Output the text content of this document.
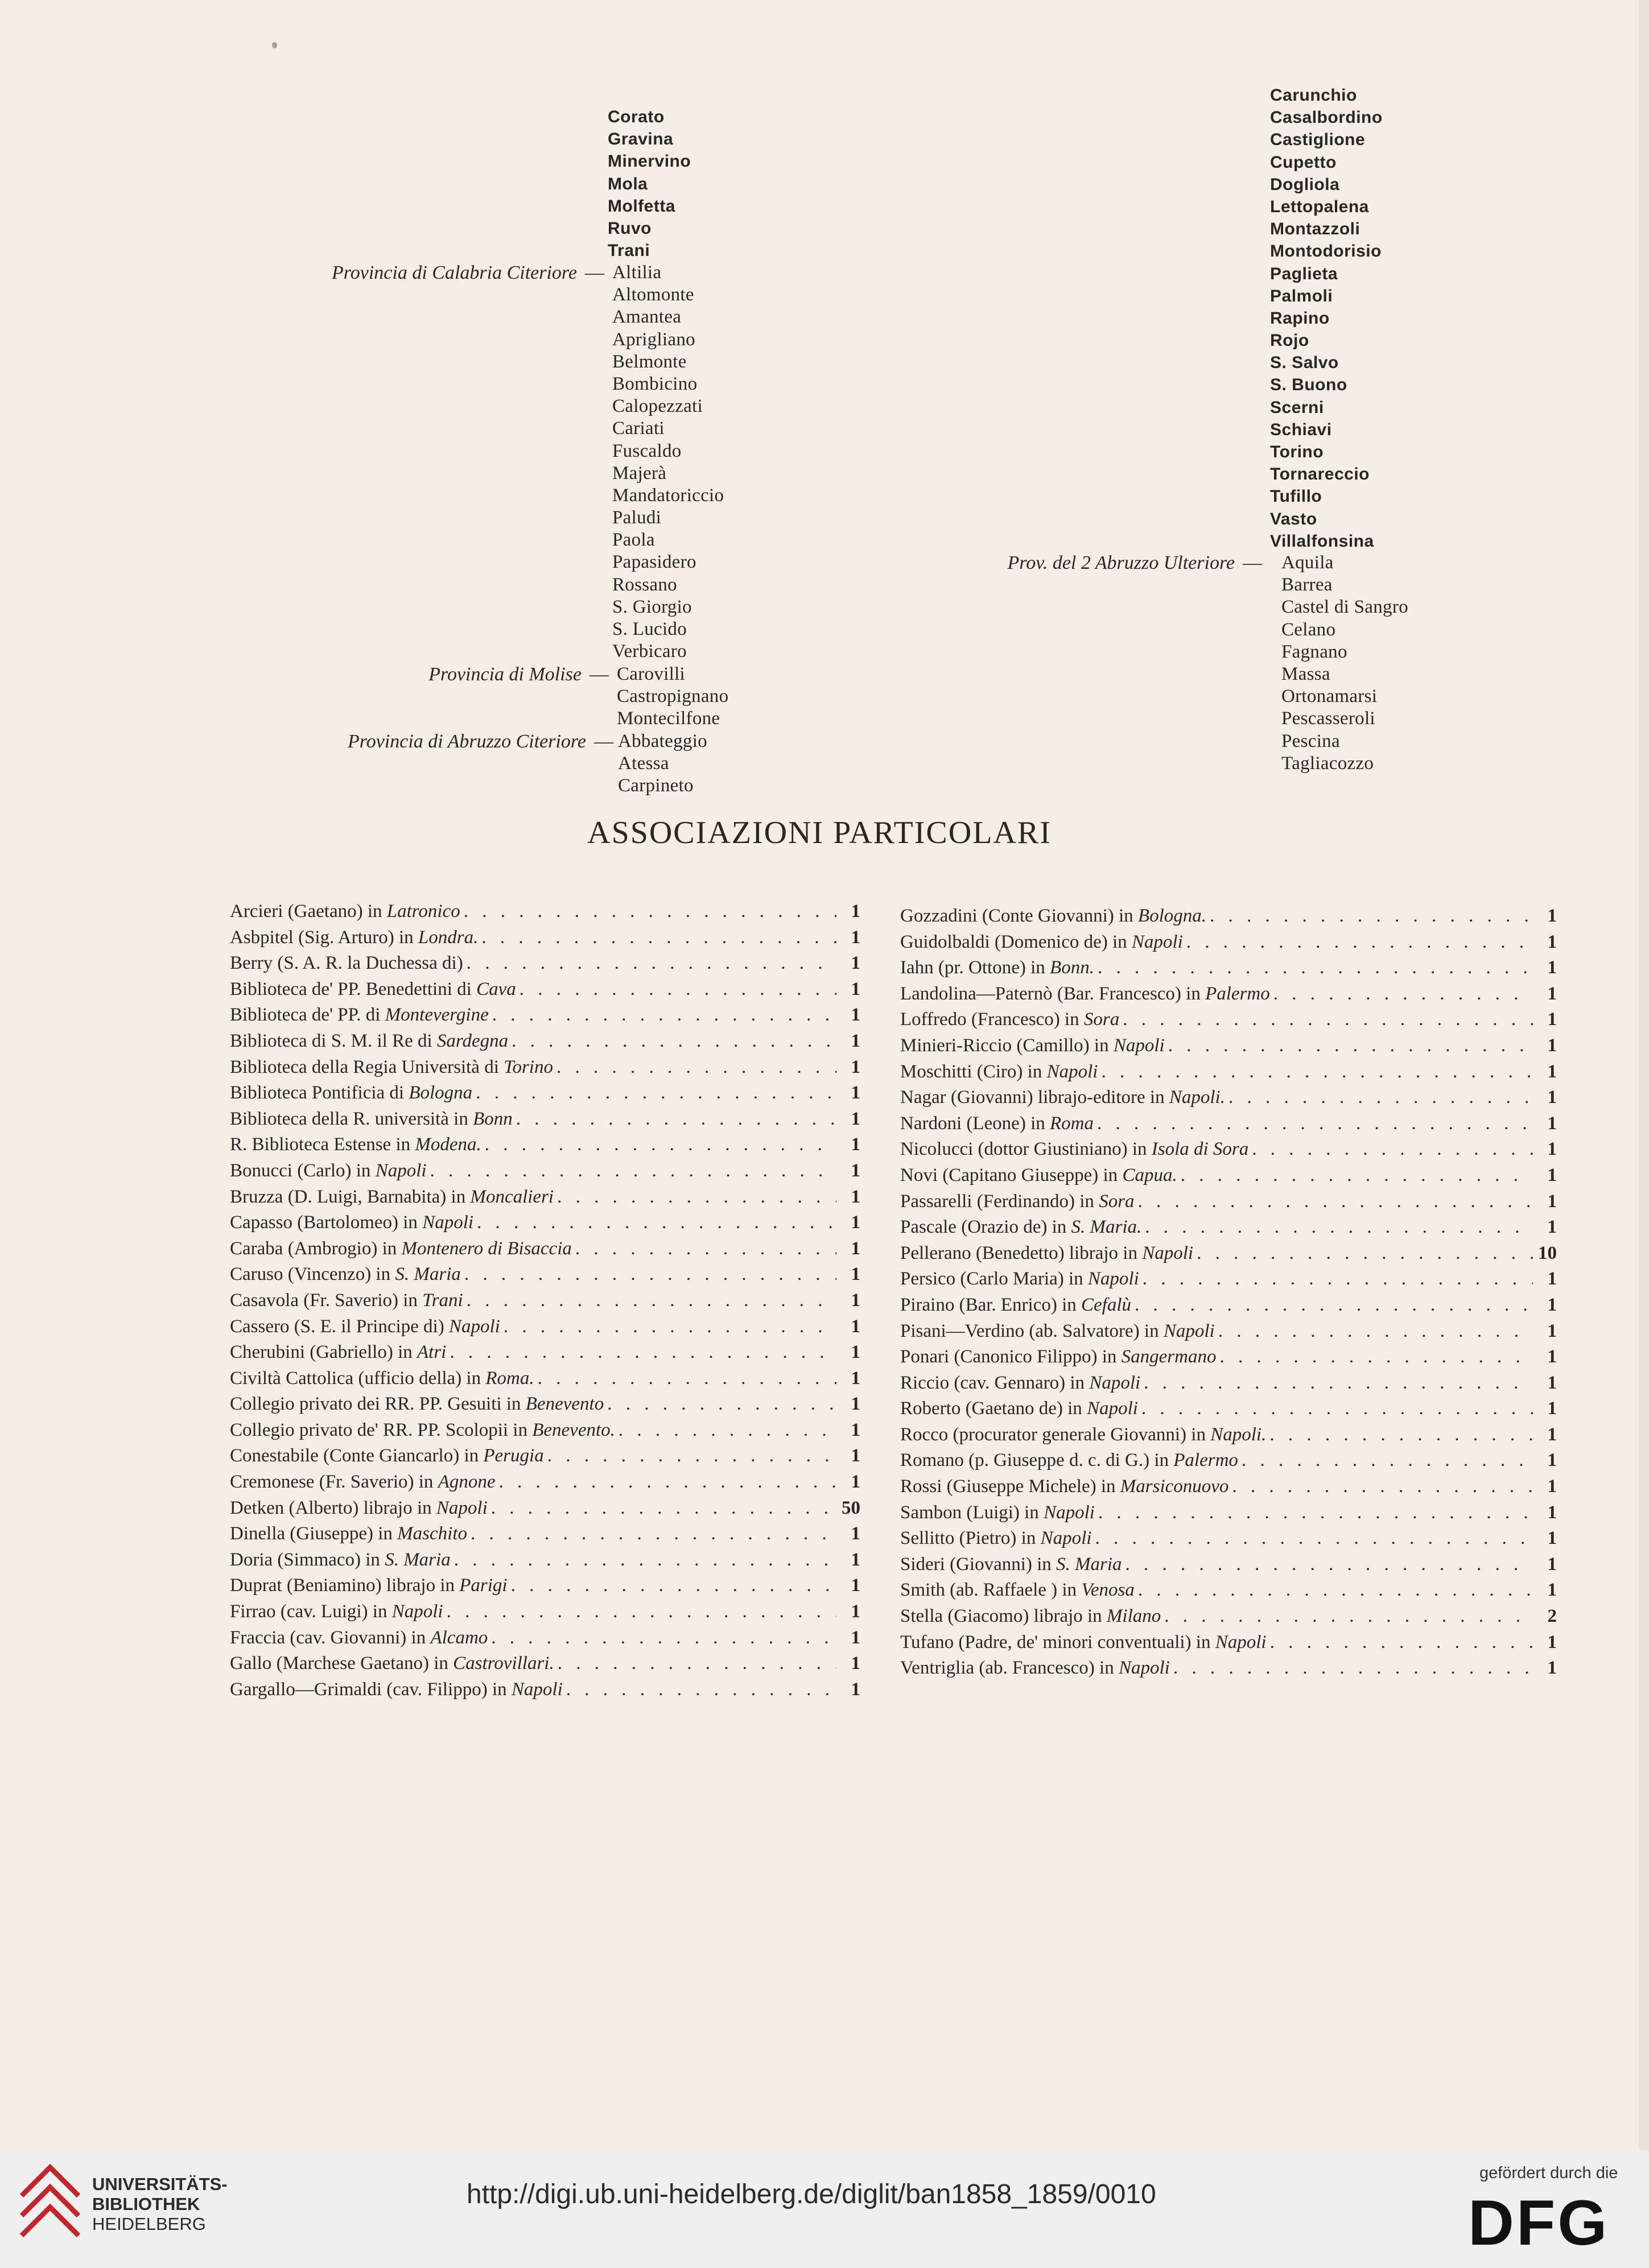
Corato
Gravina
Minervino
Mola
Molfetta
Ruvo
Trani
Provincia di Calabria Citeriore — Altilia
Altomonte
Amantea
Aprigliano
Belmonte
Bombicino
Calopezzati
Cariati
Fuscaldo
Majerà
Mandatoriccio
Paludi
Paola
Papasidero
Rossano
S. Giorgio
S. Lucido
Verbicaro
Provincia di Molise — Carovilli
Castropignano
Montecilfone
Provincia di Abruzzo Citeriore — Abbateggio
Atessa
Carpineto
Carunchio
Casalbordino
Castiglione
Cupetto
Dogliola
Lettopalena
Montazzoli
Montodorisio
Paglieta
Palmoli
Rapino
Rojo
S. Salvo
S. Buono
Scerni
Schiavi
Torino
Tornareccio
Tufillo
Vasto
Villalfonsina
Prov. del 2 Abruzzo Ulteriore — Aquila
Barrea
Castel di Sangro
Celano
Fagnano
Massa
Ortonamarsi
Pescasseroli
Pescina
Tagliacozzo
ASSOCIAZIONI PARTICOLARI
Arcieri (Gaetano) in Latronico . . .	1
Asbpitel (Sig. Arturo) in Londra. . . .	1
Berry (S. A. R. la Duchessa di) . . .	1
Biblioteca de' PP. Benedettini di Cava . . .	1
Biblioteca de' PP. di Montevergine . . .	1
Biblioteca di S. M. il Re di Sardegna . . .	1
Biblioteca della Regia Università di Torino . . .	1
Biblioteca Pontificia di Bologna . . .	1
Biblioteca della R. università in Bonn . . .	1
R. Biblioteca Estense in Modena. . . .	1
Bonucci (Carlo) in Napoli . . .	1
Bruzza (D. Luigi, Barnabita) in Moncalieri . . .	1
Capasso (Bartolomeo) in Napoli . . .	1
Caraba (Ambrogio) in Montenero di Bisaccia . . .	1
Caruso (Vincenzo) in S. Maria . . .	1
Casavola (Fr. Saverio) in Trani . . .	1
Cassero (S. E. il Principe di) Napoli . . .	1
Cherubini (Gabriello) in Atri . . .	1
Civiltà Cattolica (ufficio della) in Roma. . . .	1
Collegio privato dei RR. PP. Gesuiti in Benevento . . .	1
Collegio privato de' RR. PP. Scolopii in Benevento. . . .	1
Conestabile (Conte Giancarlo) in Perugia . . .	1
Cremonese (Fr. Saverio) in Agnone . . .	1
Detken (Alberto) librajo in Napoli . . .	50
Dinella (Giuseppe) in Maschito . . .	1
Doria (Simmaco) in S. Maria . . .	1
Duprat (Beniamino) librajo in Parigi . . .	1
Firrao (cav. Luigi) in Napoli . . .	1
Fraccia (cav. Giovanni) in Alcamo . . .	1
Gallo (Marchese Gaetano) in Castrovillari. . . .	1
Gargallo—Grimaldi (cav. Filippo) in Napoli . . .	1
Gozzadini (Conte Giovanni) in Bologna. . . .	1
Guidolbaldi (Domenico de) in Napoli . . .	1
Iahn (pr. Ottone) in Bonn. . . .	1
Landolina—Paternò (Bar. Francesco) in Palermo . . .	1
Loffredo (Francesco) in Sora . . .	1
Minieri-Riccio (Camillo) in Napoli . . .	1
Moschitti (Ciro) in Napoli . . .	1
Nagar (Giovanni) librajo-editore in Napoli. . . .	1
Nardoni (Leone) in Roma . . .	1
Nicolucci (dottor Giustiniano) in Isola di Sora . . .	1
Novi (Capitano Giuseppe) in Capua. . . .	1
Passarelli (Ferdinando) in Sora . . .	1
Pascale (Orazio de) in S. Maria. . . .	1
Pellerano (Benedetto) librajo in Napoli . . .	10
Persico (Carlo Maria) in Napoli . . .	1
Piraino (Bar. Enrico) in Cefalù . . .	1
Pisani—Verdino (ab. Salvatore) in Napoli . . .	1
Ponari (Canonico Filippo) in Sangermano . . .	1
Riccio (cav. Gennaro) in Napoli . . .	1
Roberto (Gaetano de) in Napoli . . .	1
Rocco (procurator generale Giovanni) in Napoli. . . .	1
Romano (p. Giuseppe d. c. di G.) in Palermo . . .	1
Rossi (Giuseppe Michele) in Marsiconuovo . . .	1
Sambon (Luigi) in Napoli . . .	1
Sellitto (Pietro) in Napoli . . .	1
Sideri (Giovanni) in S. Maria . . .	1
Smith (ab. Raffaele ) in Venosa . . .	1
Stella (Giacomo) librajo in Milano . . .	2
Tufano (Padre, de' minori conventuali) in Napoli . . .	1
Ventriglia (ab. Francesco) in Napoli . . .	1
UNIVERSITÄTS-
BIBLIOTHEK
HEIDELBERG
http://digi.ub.uni-heidelberg.de/diglit/ban1858_1859/0010
gefördert durch die
DFG
